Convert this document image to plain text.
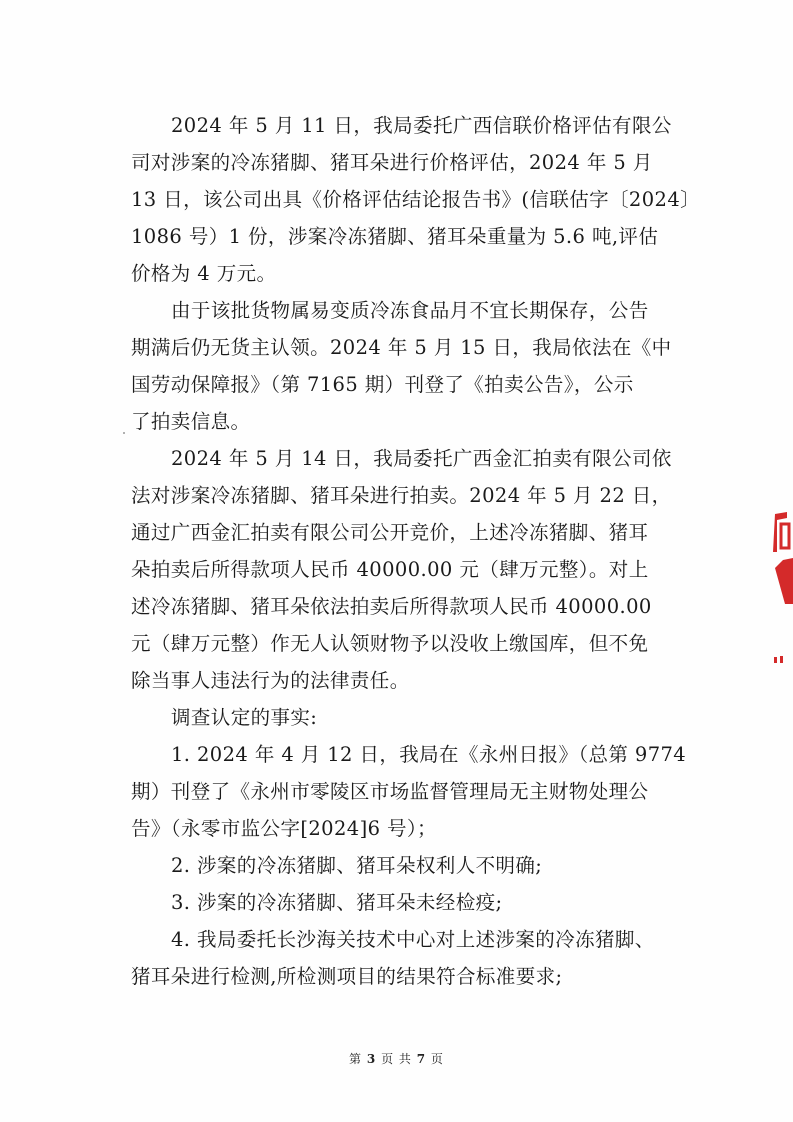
2024 年 5 月 11 日，我局委托广西信联价格评估有限公
司对涉案的冷冻猪脚、猪耳朵进行价格评估，2024 年 5 月
13 日，该公司出具《价格评估结论报告书》(信联估字〔2024〕
1086 号）1 份，涉案冷冻猪脚、猪耳朵重量为 5.6 吨,评估
价格为 4 万元。
由于该批货物属易变质冷冻食品月不宜长期保存，公告
期满后仍无货主认领。2024 年 5 月 15 日，我局依法在《中
国劳动保障报》（第 7165 期）刊登了《拍卖公告》，公示
了拍卖信息。
2024 年 5 月 14 日，我局委托广西金汇拍卖有限公司依
法对涉案冷冻猪脚、猪耳朵进行拍卖。2024 年 5 月 22 日，
通过广西金汇拍卖有限公司公开竞价，上述冷冻猪脚、猪耳
朵拍卖后所得款项人民币 40000.00 元（肆万元整）。对上
述冷冻猪脚、猪耳朵依法拍卖后所得款项人民币 40000.00
元（肆万元整）作无人认领财物予以没收上缴国库，但不免
除当事人违法行为的法律责任。
调查认定的事实:
1. 2024 年 4 月 12 日，我局在《永州日报》（总第 9774
期）刊登了《永州市零陵区市场监督管理局无主财物处理公
告》（永零市监公字[2024]6 号）；
2. 涉案的冷冻猪脚、猪耳朵权利人不明确;
3. 涉案的冷冻猪脚、猪耳朵未经检疫;
4. 我局委托长沙海关技术中心对上述涉案的冷冻猪脚、
猪耳朵进行检测,所检测项目的结果符合标准要求;
第 3 页 共 7 页
